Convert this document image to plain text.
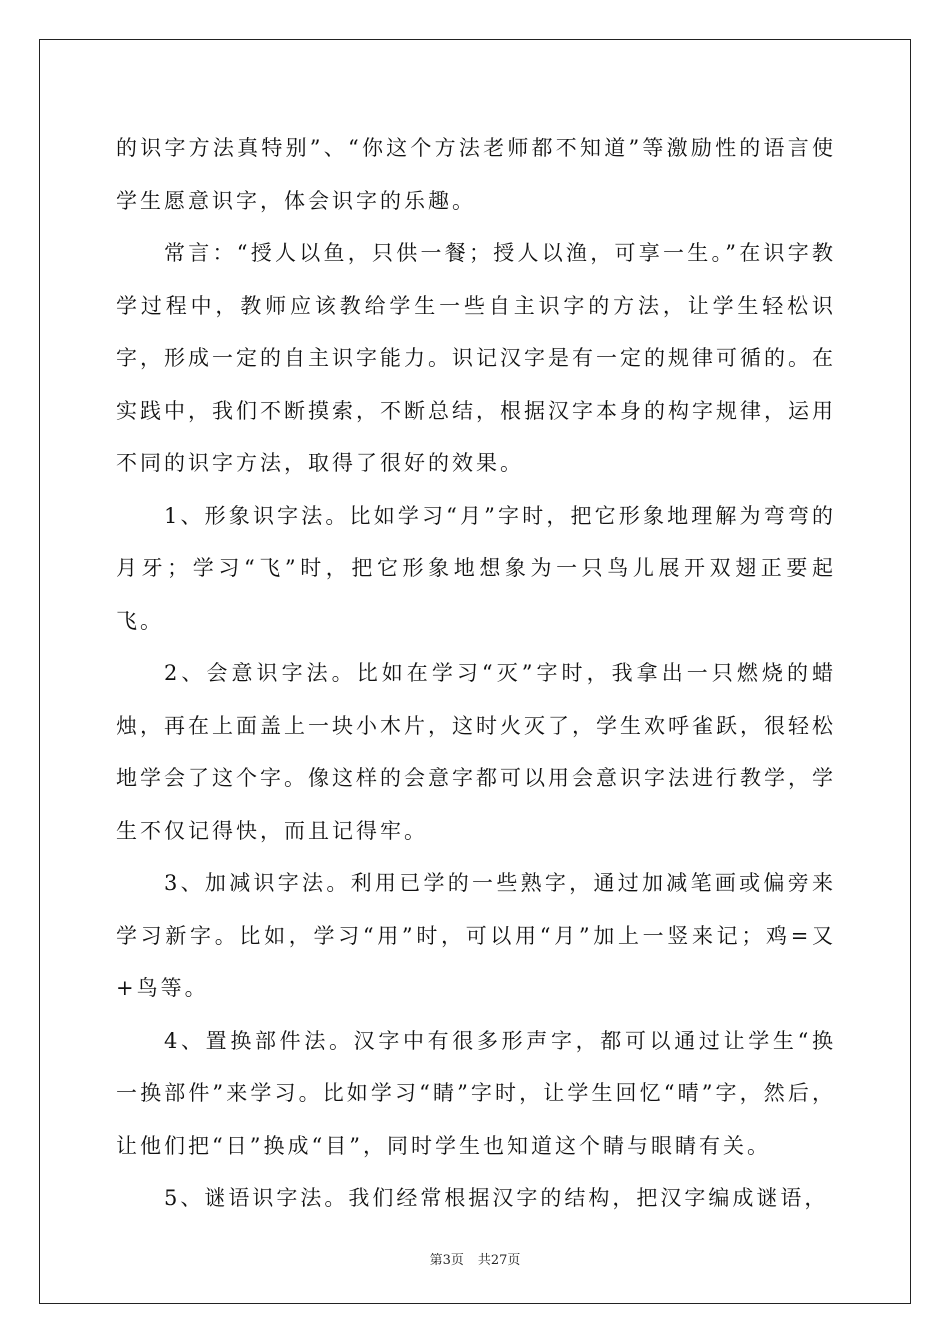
的识字方法真特别”、“你这个方法老师都不知道”等激励性的语言使学生愿意识字，体会识字的乐趣。

常言：“授人以鱼，只供一餐；授人以渔，可享一生。”在识字教学过程中，教师应该教给学生一些自主识字的方法，让学生轻松识字，形成一定的自主识字能力。识记汉字是有一定的规律可循的。在实践中，我们不断摸索，不断总结，根据汉字本身的构字规律，运用不同的识字方法，取得了很好的效果。

1、形象识字法。比如学习“月”字时，把它形象地理解为弯弯的月牙；学习“飞”时，把它形象地想象为一只鸟儿展开双翅正要起飞。

2、会意识字法。比如在学习“灭”字时，我拿出一只燃烧的蜡烛，再在上面盖上一块小木片，这时火灭了，学生欢呼雀跃，很轻松地学会了这个字。像这样的会意字都可以用会意识字法进行教学，学生不仅记得快，而且记得牢。

3、加减识字法。利用已学的一些熟字，通过加减笔画或偏旁来学习新字。比如，学习“用”时，可以用“月”加上一竖来记；鸡=又+鸟等。

4、置换部件法。汉字中有很多形声字，都可以通过让学生“换一换部件”来学习。比如学习“睛”字时，让学生回忆“晴”字，然后，让他们把“日”换成“目”，同时学生也知道这个睛与眼睛有关。

5、谜语识字法。我们经常根据汉字的结构，把汉字编成谜语，

第3页 共27页
